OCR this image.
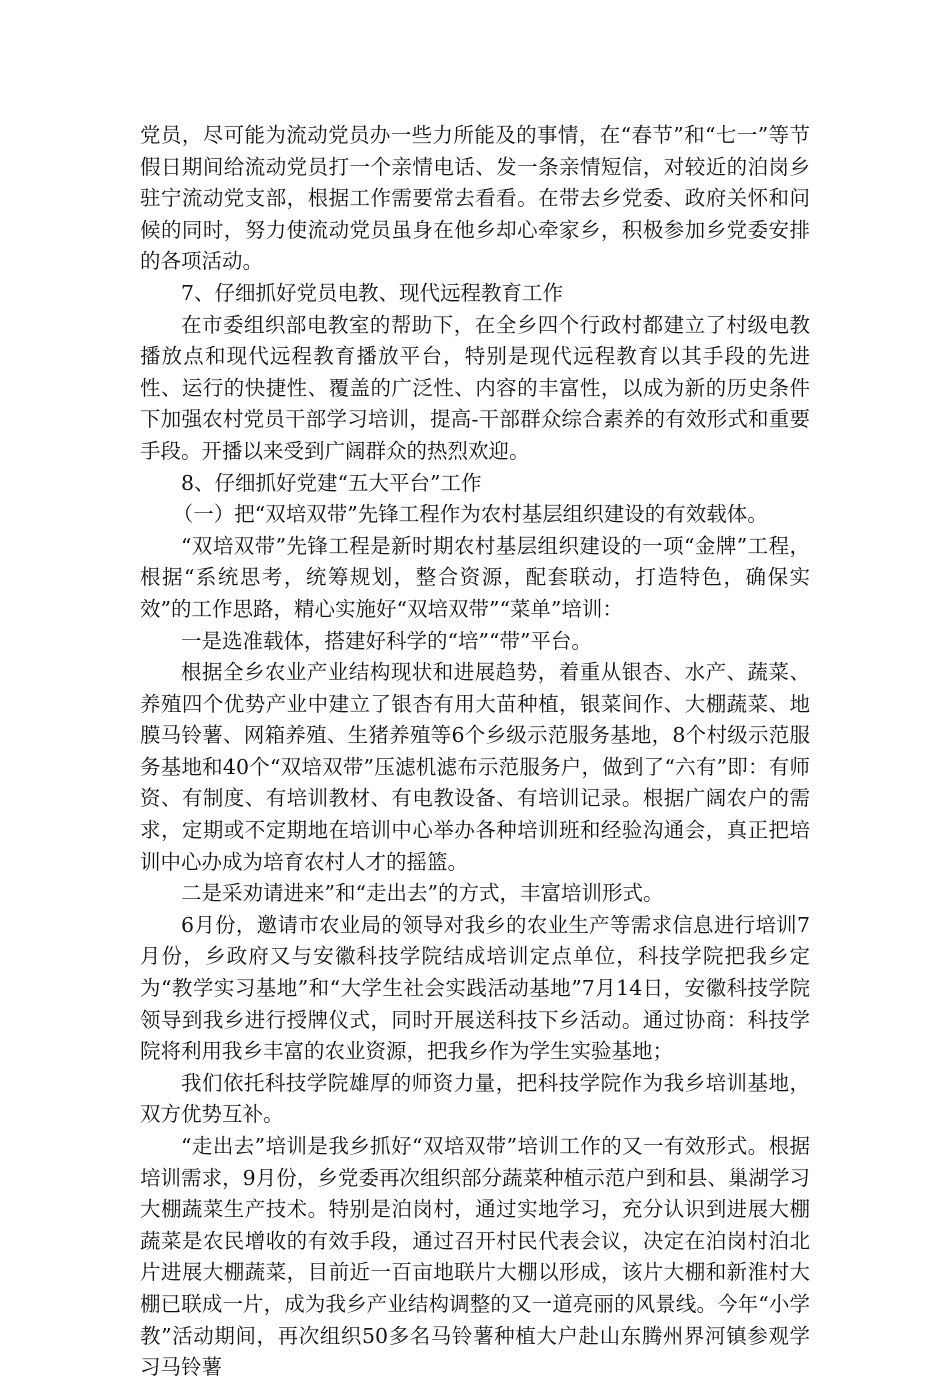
党员，尽可能为流动党员办一些力所能及的事情，在“春节”和“七一”等节假日期间给流动党员打一个亲情电话、发一条亲情短信，对较近的泊岗乡驻宁流动党支部，根据工作需要常去看看。在带去乡党委、政府关怀和问候的同时，努力使流动党员虽身在他乡却心牵家乡，积极参加乡党委安排的各项活动。

7、仔细抓好党员电教、现代远程教育工作

在市委组织部电教室的帮助下，在全乡四个行政村都建立了村级电教播放点和现代远程教育播放平台，特别是现代远程教育以其手段的先进性、运行的快捷性、覆盖的广泛性、内容的丰富性，以成为新的历史条件下加强农村党员干部学习培训，提高-干部群众综合素养的有效形式和重要手段。开播以来受到广阔群众的热烈欢迎。

8、仔细抓好党建“五大平台”工作

（一）把“双培双带”先锋工程作为农村基层组织建设的有效载体。

“双培双带”先锋工程是新时期农村基层组织建设的一项“金牌”工程，根据“系统思考，统筹规划，整合资源，配套联动，打造特色，确保实效”的工作思路，精心实施好“双培双带”“菜单”培训：

一是选准载体，搭建好科学的“培”“带”平台。

根据全乡农业产业结构现状和进展趋势，着重从银杏、水产、蔬菜、养殖四个优势产业中建立了银杏有用大苗种植，银菜间作、大棚蔬菜、地膜马铃薯、网箱养殖、生猪养殖等6个乡级示范服务基地，8个村级示范服务基地和40个“双培双带”压滤机滤布示范服务户，做到了“六有”即：有师资、有制度、有培训教材、有电教设备、有培训记录。根据广阔农户的需求，定期或不定期地在培训中心举办各种培训班和经验沟通会，真正把培训中心办成为培育农村人才的摇篮。

二是采劝请进来”和“走出去”的方式，丰富培训形式。

6月份，邀请市农业局的领导对我乡的农业生产等需求信息进行培训7月份，乡政府又与安徽科技学院结成培训定点单位，科技学院把我乡定为“教学实习基地”和“大学生社会实践活动基地”7月14日，安徽科技学院领导到我乡进行授牌仪式，同时开展送科技下乡活动。通过协商：科技学院将利用我乡丰富的农业资源，把我乡作为学生实验基地；

我们依托科技学院雄厚的师资力量，把科技学院作为我乡培训基地，双方优势互补。

“走出去”培训是我乡抓好“双培双带”培训工作的又一有效形式。根据培训需求，9月份，乡党委再次组织部分蔬菜种植示范户到和县、巢湖学习大棚蔬菜生产技术。特别是泊岗村，通过实地学习，充分认识到进展大棚蔬菜是农民增收的有效手段，通过召开村民代表会议，决定在泊岗村泊北片进展大棚蔬菜，目前近一百亩地联片大棚以形成，该片大棚和新淮村大棚已联成一片，成为我乡产业结构调整的又一道亮丽的风景线。今年“小学教”活动期间，再次组织50多名马铃薯种植大户赴山东腾州界河镇参观学习马铃薯
